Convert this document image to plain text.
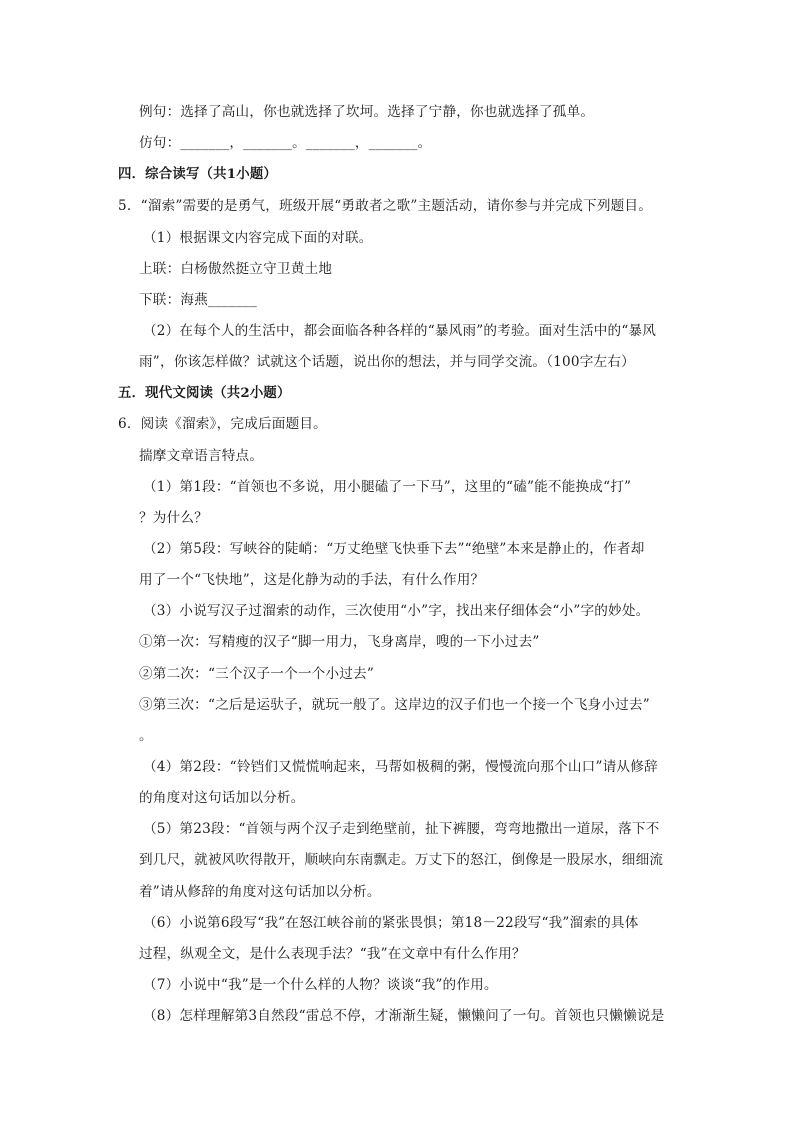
例句：选择了高山，你也就选择了坎坷。选择了宁静，你也就选择了孤单。
仿句：_______，_______。_______，_______。
四．综合读写（共1小题）
5．“溜索”需要的是勇气，班级开展“勇敢者之歌”主题活动，请你参与并完成下列题目。
（1）根据课文内容完成下面的对联。
上联：白杨傲然挺立守卫黄土地
下联：海燕_______
（2）在每个人的生活中，都会面临各种各样的“暴风雨”的考验。面对生活中的“暴风
雨”，你该怎样做？试就这个话题，说出你的想法，并与同学交流。（100字左右）
五．现代文阅读（共2小题）
6．阅读《溜索》，完成后面题目。
揣摩文章语言特点。
（1）第1段：“首领也不多说，用小腿磕了一下马”，这里的“磕”能不能换成“打”
？为什么？
（2）第5段：写峡谷的陡峭：“万丈绝壁飞快垂下去”“绝壁”本来是静止的，作者却
用了一个“飞快地”，这是化静为动的手法，有什么作用？
（3）小说写汉子过溜索的动作，三次使用“小”字，找出来仔细体会“小”字的妙处。
①第一次：写精瘦的汉子“脚一用力，飞身离岸，嗖的一下小过去”
②第二次：“三个汉子一个一个小过去”
③第三次：“之后是运驮子，就玩一般了。这岸边的汉子们也一个接一个飞身小过去”
。
（4）第2段：“铃铛们又慌慌响起来，马帮如极稠的粥，慢慢流向那个山口”请从修辞
的角度对这句话加以分析。
（5）第23段：“首领与两个汉子走到绝壁前，扯下裤腰，弯弯地撒出一道尿，落下不
到几尺，就被风吹得散开，顺峡向东南飘走。万丈下的怒江，倒像是一股尿水，细细流
着”请从修辞的角度对这句话加以分析。
（6）小说第6段写“我”在怒江峡谷前的紧张畏惧；第18－22段写“我”溜索的具体
过程，纵观全文，是什么表现手法？“我”在文章中有什么作用？
（7）小说中“我”是一个什么样的人物？谈谈“我”的作用。
（8）怎样理解第3自然段“雷总不停，才渐渐生疑，懒懒问了一句。首领也只懒懒说是
